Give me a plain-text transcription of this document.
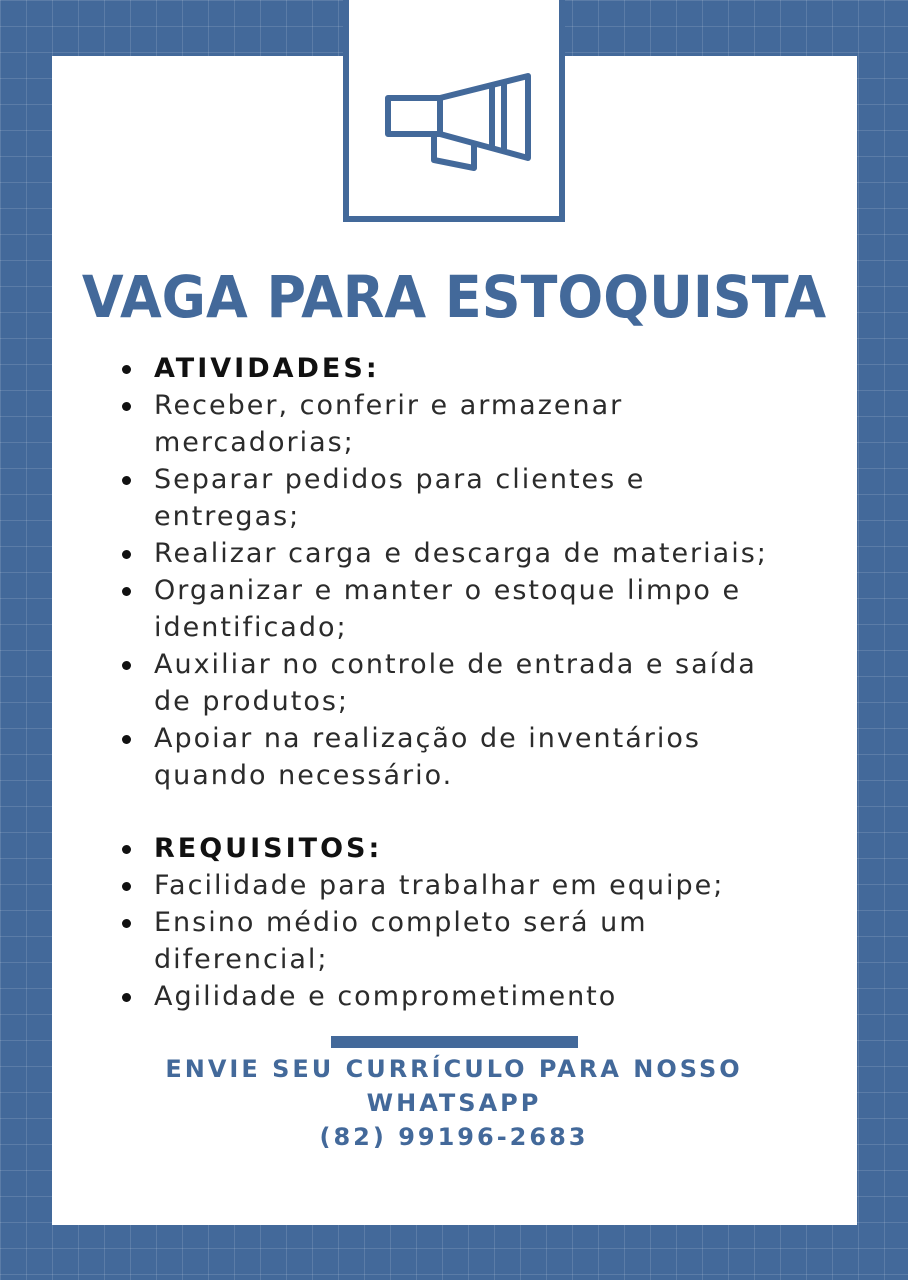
VAGA PARA ESTOQUISTA
ATIVIDADES:
Receber, conferir e armazenar
mercadorias;
Separar pedidos para clientes e
entregas;
Realizar carga e descarga de materiais;
Organizar e manter o estoque limpo e
identificado;
Auxiliar no controle de entrada e saída
de produtos;
Apoiar na realização de inventários
quando necessário.
REQUISITOS:
Facilidade para trabalhar em equipe;
Ensino médio completo será um
diferencial;
Agilidade e comprometimento
ENVIE SEU CURRÍCULO PARA NOSSO
WHATSAPP
(82) 99196-2683
